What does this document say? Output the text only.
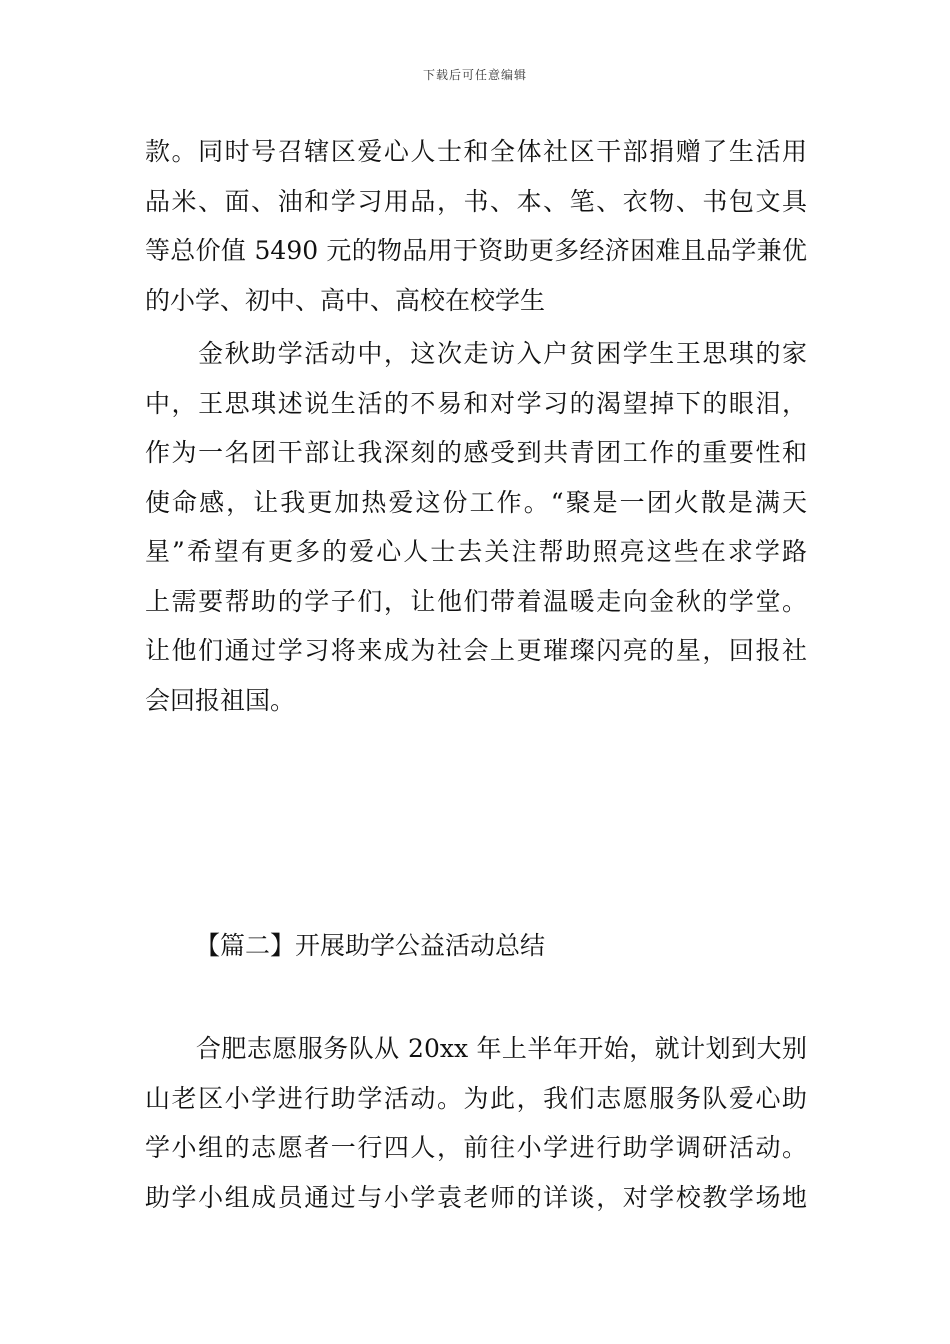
下载后可任意编辑
款。同时号召辖区爱心人士和全体社区干部捐赠了生活用
品米、面、油和学习用品，书、本、笔、衣物、书包文具
等总价值 5490 元的物品用于资助更多经济困难且品学兼优
的小学、初中、高中、高校在校学生
　　金秋助学活动中，这次走访入户贫困学生王思琪的家
中，王思琪述说生活的不易和对学习的渴望掉下的眼泪，
作为一名团干部让我深刻的感受到共青团工作的重要性和
使命感，让我更加热爱这份工作。“聚是一团火散是满天
星”希望有更多的爱心人士去关注帮助照亮这些在求学路
上需要帮助的学子们，让他们带着温暖走向金秋的学堂。
让他们通过学习将来成为社会上更璀璨闪亮的星，回报社
会回报祖国。
【篇二】开展助学公益活动总结
　　合肥志愿服务队从 20xx 年上半年开始，就计划到大别
山老区小学进行助学活动。为此，我们志愿服务队爱心助
学小组的志愿者一行四人，前往小学进行助学调研活动。
助学小组成员通过与小学袁老师的详谈，对学校教学场地
